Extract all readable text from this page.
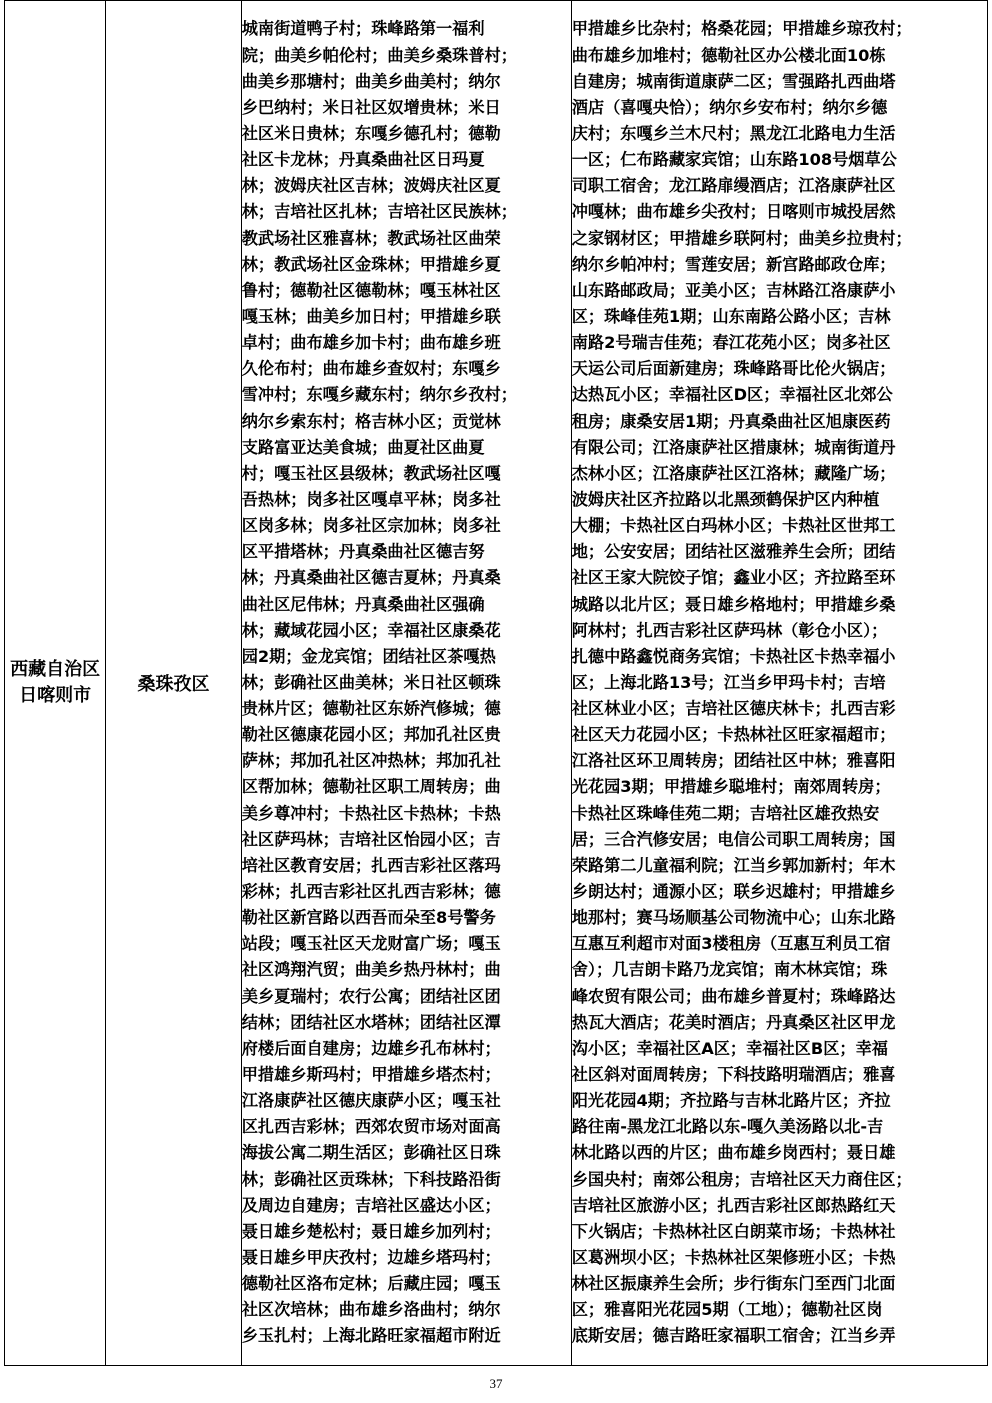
西藏自治区日喀则市	桑珠孜区	
城南街道鸭子村；珠峰路第一福利
院；曲美乡帕伦村；曲美乡桑珠普村；
曲美乡那塘村；曲美乡曲美村；纳尔
乡巴纳村；米日社区奴增贵林；米日
社区米日贵林；东嘎乡德孔村；德勒
社区卡龙林；丹真桑曲社区日玛夏
林；波姆庆社区吉林；波姆庆社区夏
林；吉培社区扎林；吉培社区民族林；
教武场社区雅喜林；教武场社区曲荣
林；教武场社区金珠林；甲措雄乡夏
鲁村；德勒社区德勒林；嘎玉林社区
嘎玉林；曲美乡加日村；甲措雄乡联
卓村；曲布雄乡加卡村；曲布雄乡班
久伦布村；曲布雄乡查奴村；东嘎乡
雪冲村；东嘎乡藏东村；纳尔乡孜村；
纳尔乡索东村；格吉林小区；贡觉林
支路富亚达美食城；曲夏社区曲夏
村；嘎玉社区县级林；教武场社区嘎
吾热林；岗多社区嘎卓平林；岗多社
区岗多林；岗多社区宗加林；岗多社
区平措塔林；丹真桑曲社区德吉努
林；丹真桑曲社区德吉夏林；丹真桑
曲社区尼伟林；丹真桑曲社区强确
林；藏域花园小区；幸福社区康桑花
园2期；金龙宾馆；团结社区茶嘎热
林；彭确社区曲美林；米日社区顿珠
贵林片区；德勒社区东娇汽修城；德
勒社区德康花园小区；邦加孔社区贵
萨林；邦加孔社区冲热林；邦加孔社
区帮加林；德勒社区职工周转房；曲
美乡尊冲村；卡热社区卡热林；卡热
社区萨玛林；吉培社区怡园小区；吉
培社区教育安居；扎西吉彩社区落玛
彩林；扎西吉彩社区扎西吉彩林；德
勒社区新宫路以西吾而朵至8号警务
站段；嘎玉社区天龙财富广场；嘎玉
社区鸿翔汽贸；曲美乡热丹林村；曲
美乡夏瑞村；农行公寓；团结社区团
结林；团结社区水塔林；团结社区潭
府楼后面自建房；边雄乡孔布林村；
甲措雄乡斯玛村；甲措雄乡塔杰村；
江洛康萨社区德庆康萨小区；嘎玉社
区扎西吉彩林；西郊农贸市场对面高
海拔公寓二期生活区；彭确社区日珠
林；彭确社区贡珠林；下科技路沿街
及周边自建房；吉培社区盛达小区；
聂日雄乡楚松村；聂日雄乡加列村；
聂日雄乡甲庆孜村；边雄乡塔玛村；
德勒社区洛布定林；后藏庄园；嘎玉
社区次培林；曲布雄乡洛曲村；纳尔
乡玉扎村；上海北路旺家福超市附近

甲措雄乡比杂村；格桑花园；甲措雄乡琼孜村；
曲布雄乡加堆村；德勒社区办公楼北面10栋
自建房；城南街道康萨二区；雪强路扎西曲塔
酒店（喜嘎央恰）；纳尔乡安布村；纳尔乡德
庆村；东嘎乡兰木尺村；黑龙江北路电力生活
一区；仁布路藏家宾馆；山东路108号烟草公
司职工宿舍；龙江路扉缦酒店；江洛康萨社区
冲嘎林；曲布雄乡尖孜村；日喀则市城投居然
之家钢材区；甲措雄乡联阿村；曲美乡拉贵村；
纳尔乡帕冲村；雪莲安居；新宫路邮政仓库；
山东路邮政局；亚美小区；吉林路江洛康萨小
区；珠峰佳苑1期；山东南路公路小区；吉林
南路2号瑞吉佳苑；春江花苑小区；岗多社区
天运公司后面新建房；珠峰路哥比伦火锅店；
达热瓦小区；幸福社区D区；幸福社区北郊公
租房；康桑安居1期；丹真桑曲社区旭康医药
有限公司；江洛康萨社区措康林；城南街道丹
杰林小区；江洛康萨社区江洛林；藏隆广场；
波姆庆社区齐拉路以北黑颈鹤保护区内种植
大棚；卡热社区白玛林小区；卡热社区世邦工
地；公安安居；团结社区滋雅养生会所；团结
社区王家大院饺子馆；鑫业小区；齐拉路至环
城路以北片区；聂日雄乡格地村；甲措雄乡桑
阿林村；扎西吉彩社区萨玛林（彰仓小区）；
扎德中路鑫悦商务宾馆；卡热社区卡热幸福小
区；上海北路13号；江当乡甲玛卡村；吉培
社区林业小区；吉培社区德庆林卡；扎西吉彩
社区天力花园小区；卡热林社区旺家福超市；
江洛社区环卫周转房；团结社区中林；雅喜阳
光花园3期；甲措雄乡聪堆村；南郊周转房；
卡热社区珠峰佳苑二期；吉培社区雄孜热安
居；三合汽修安居；电信公司职工周转房；国
荣路第二儿童福利院；江当乡郭加新村；年木
乡朗达村；通源小区；联乡迟雄村；甲措雄乡
地那村；赛马场顺基公司物流中心；山东北路
互惠互利超市对面3楼租房（互惠互利员工宿
舍）；几吉朗卡路乃龙宾馆；南木林宾馆；珠
峰农贸有限公司；曲布雄乡普夏村；珠峰路达
热瓦大酒店；花美时酒店；丹真桑区社区甲龙
沟小区；幸福社区A区；幸福社区B区；幸福
社区斜对面周转房；下科技路明瑞酒店；雅喜
阳光花园4期；齐拉路与吉林北路片区；齐拉
路往南-黑龙江北路以东-嘎久美汤路以北-吉
林北路以西的片区；曲布雄乡岗西村；聂日雄
乡国央村；南郊公租房；吉培社区天力商住区；
吉培社区旅游小区；扎西吉彩社区郎热路红天
下火锅店；卡热林社区白朗菜市场；卡热林社
区葛洲坝小区；卡热林社区架修班小区；卡热
林社区振康养生会所；步行街东门至西门北面
区；雅喜阳光花园5期（工地）；德勒社区岗
底斯安居；德吉路旺家福职工宿舍；江当乡弄
37
